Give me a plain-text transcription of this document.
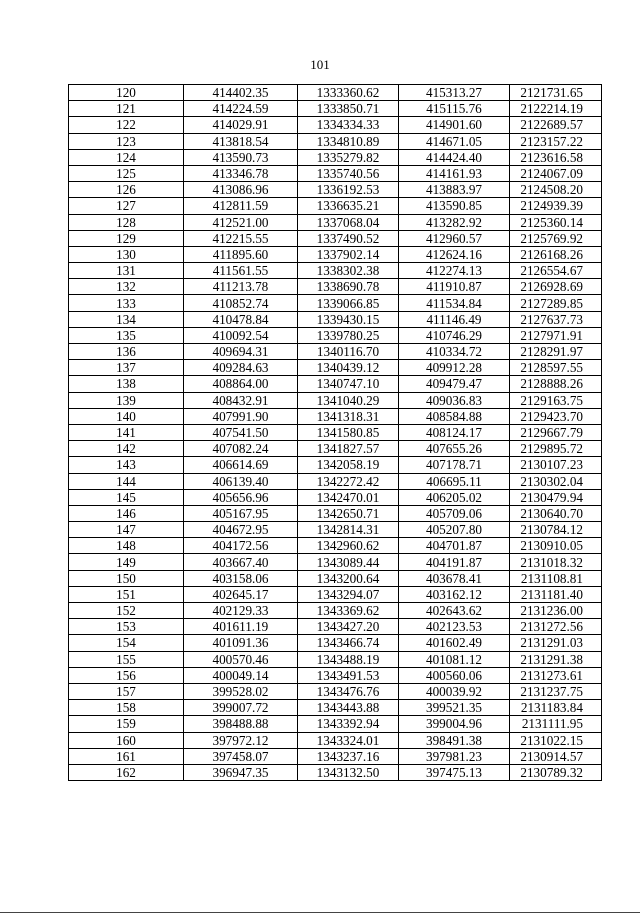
101
120	414402.35	1333360.62	415313.27	2121731.65
121	414224.59	1333850.71	415115.76	2122214.19
122	414029.91	1334334.33	414901.60	2122689.57
123	413818.54	1334810.89	414671.05	2123157.22
124	413590.73	1335279.82	414424.40	2123616.58
125	413346.78	1335740.56	414161.93	2124067.09
126	413086.96	1336192.53	413883.97	2124508.20
127	412811.59	1336635.21	413590.85	2124939.39
128	412521.00	1337068.04	413282.92	2125360.14
129	412215.55	1337490.52	412960.57	2125769.92
130	411895.60	1337902.14	412624.16	2126168.26
131	411561.55	1338302.38	412274.13	2126554.67
132	411213.78	1338690.78	411910.87	2126928.69
133	410852.74	1339066.85	411534.84	2127289.85
134	410478.84	1339430.15	411146.49	2127637.73
135	410092.54	1339780.25	410746.29	2127971.91
136	409694.31	1340116.70	410334.72	2128291.97
137	409284.63	1340439.12	409912.28	2128597.55
138	408864.00	1340747.10	409479.47	2128888.26
139	408432.91	1341040.29	409036.83	2129163.75
140	407991.90	1341318.31	408584.88	2129423.70
141	407541.50	1341580.85	408124.17	2129667.79
142	407082.24	1341827.57	407655.26	2129895.72
143	406614.69	1342058.19	407178.71	2130107.23
144	406139.40	1342272.42	406695.11	2130302.04
145	405656.96	1342470.01	406205.02	2130479.94
146	405167.95	1342650.71	405709.06	2130640.70
147	404672.95	1342814.31	405207.80	2130784.12
148	404172.56	1342960.62	404701.87	2130910.05
149	403667.40	1343089.44	404191.87	2131018.32
150	403158.06	1343200.64	403678.41	2131108.81
151	402645.17	1343294.07	403162.12	2131181.40
152	402129.33	1343369.62	402643.62	2131236.00
153	401611.19	1343427.20	402123.53	2131272.56
154	401091.36	1343466.74	401602.49	2131291.03
155	400570.46	1343488.19	401081.12	2131291.38
156	400049.14	1343491.53	400560.06	2131273.61
157	399528.02	1343476.76	400039.92	2131237.75
158	399007.72	1343443.88	399521.35	2131183.84
159	398488.88	1343392.94	399004.96	2131111.95
160	397972.12	1343324.01	398491.38	2131022.15
161	397458.07	1343237.16	397981.23	2130914.57
162	396947.35	1343132.50	397475.13	2130789.32
